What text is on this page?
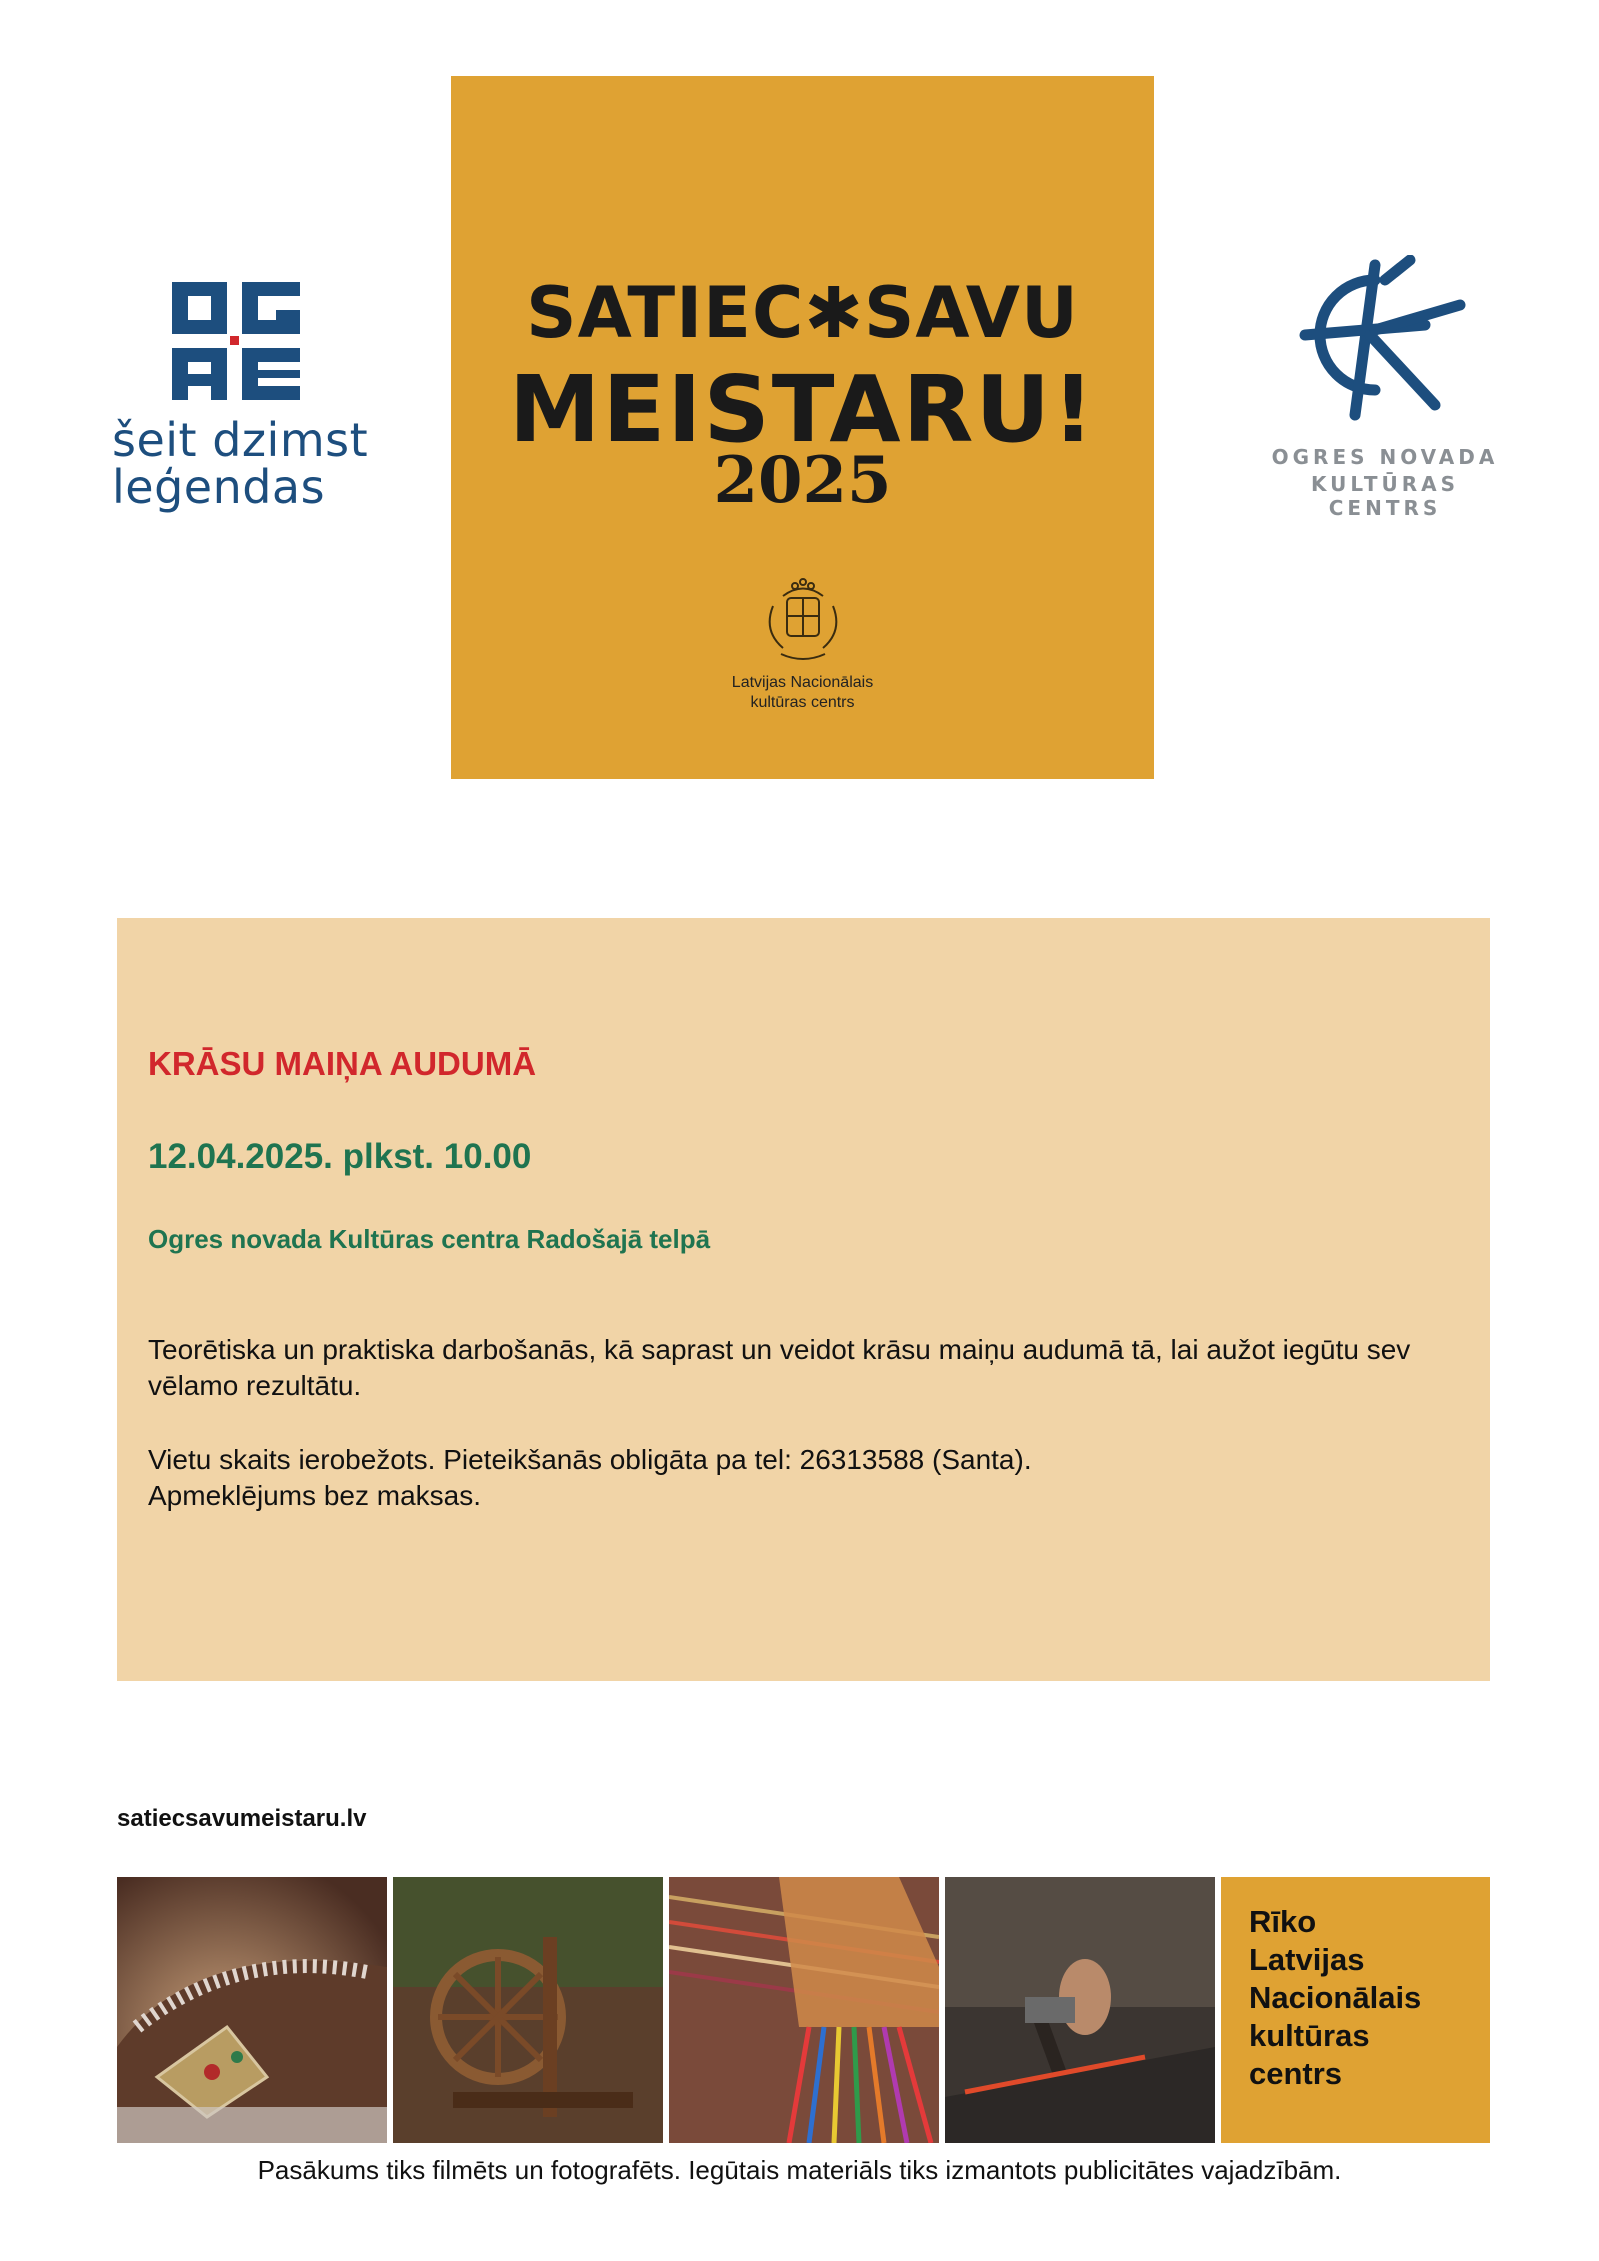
šeit dzimst
leģendas
SATIEC✱SAVU
MEISTARU!
2025
Latvijas Nacionālais
kultūras centrs
OGRES NOVADA
KULTŪRAS CENTRS
KRĀSU MAIŅA AUDUMĀ
12.04.2025. plkst. 10.00
Ogres novada Kultūras centra Radošajā telpā
Teorētiska un praktiska darbošanās, kā saprast un veidot krāsu maiņu audumā tā, lai aužot iegūtu sev vēlamo rezultātu.
Vietu skaits ierobežots. Pieteikšanās obligāta pa tel: 26313588 (Santa).
Apmeklējums bez maksas.
satiecsavumeistaru.lv
Rīko
Latvijas
Nacionālais
kultūras
centrs
Pasākums tiks filmēts un fotografēts. Iegūtais materiāls tiks izmantots publicitātes vajadzībām.
